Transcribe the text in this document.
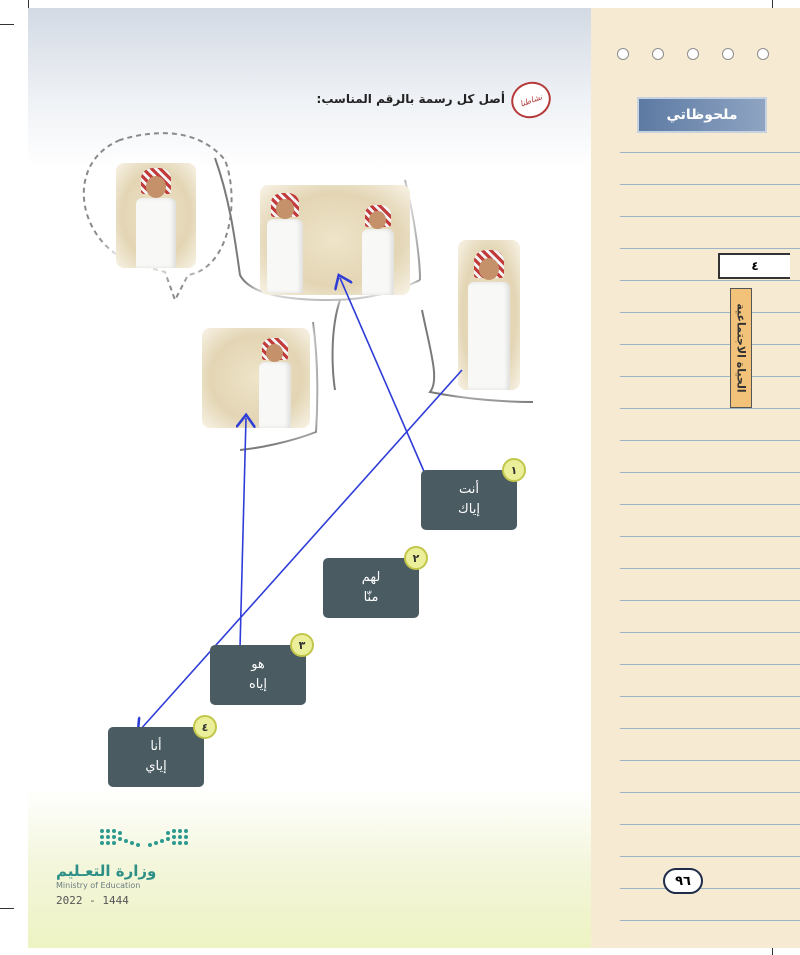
ملحوظاتي
٤
الحياة الاجتماعية
٩٦
نشاطنا
أصل كل رسمة بالرقم المناسب:
أنت
إياك
١
لهم
منّا
٢
هو
إياه
٣
أنا
إياي
٤
وزارة التعـليم
Ministry of Education
2022 - 1444
